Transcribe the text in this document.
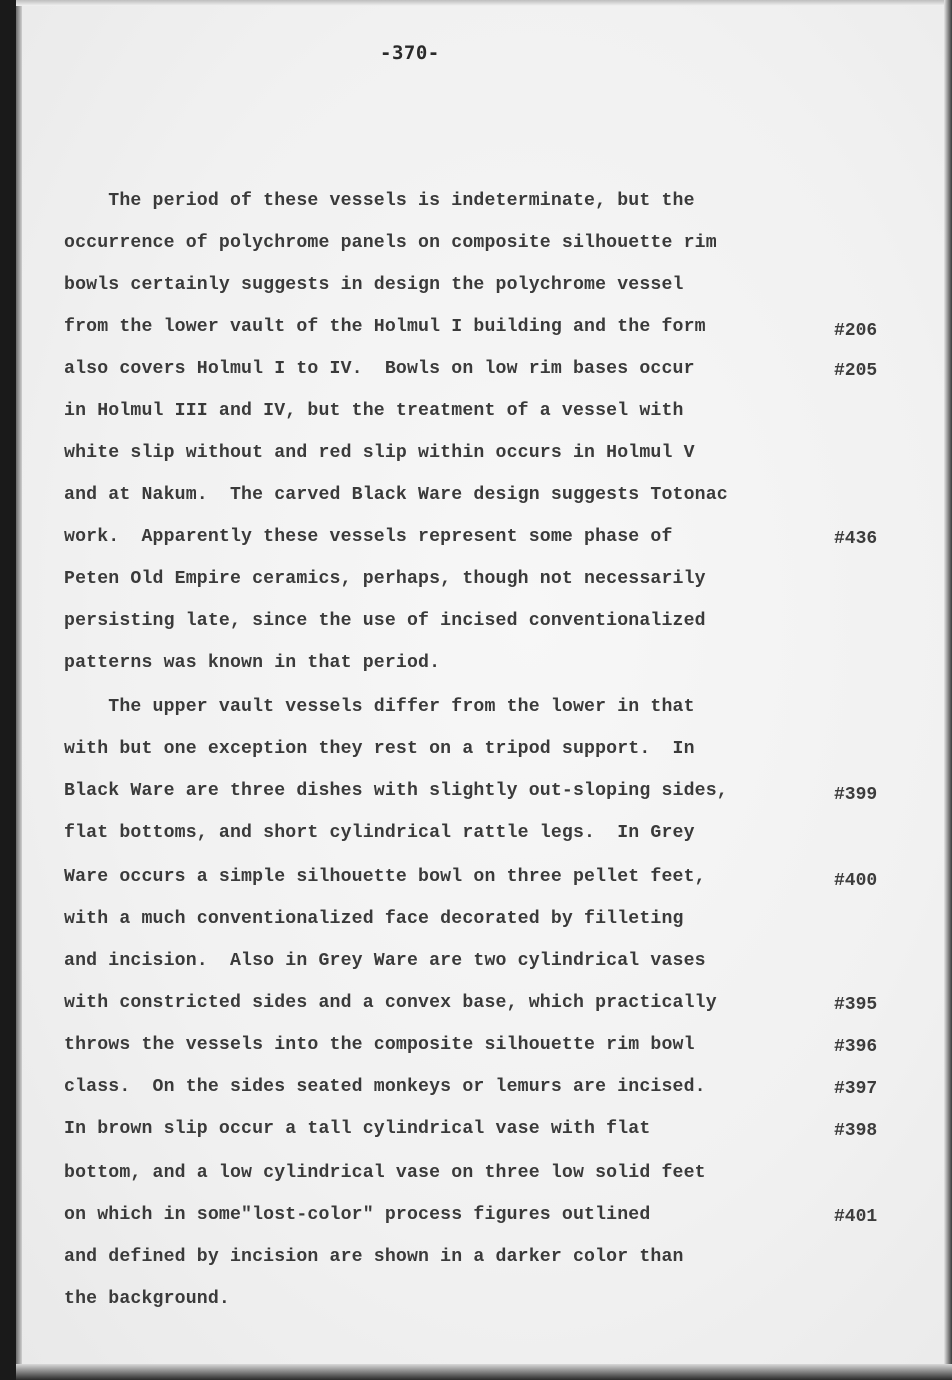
-370-
The period of these vessels is indeterminate, but the
occurrence of polychrome panels on composite silhouette rim
bowls certainly suggests in design the polychrome vessel
from the lower vault of the Holmul I building and the form
also covers Holmul I to IV.  Bowls on low rim bases occur
in Holmul III and IV, but the treatment of a vessel with
white slip without and red slip within occurs in Holmul V
and at Nakum.  The carved Black Ware design suggests Totonac
work.  Apparently these vessels represent some phase of
Peten Old Empire ceramics, perhaps, though not necessarily
persisting late, since the use of incised conventionalized
patterns was known in that period.
The upper vault vessels differ from the lower in that
with but one exception they rest on a tripod support.  In
Black Ware are three dishes with slightly out-sloping sides,
flat bottoms, and short cylindrical rattle legs.  In Grey
Ware occurs a simple silhouette bowl on three pellet feet,
with a much conventionalized face decorated by filleting
and incision.  Also in Grey Ware are two cylindrical vases
with constricted sides and a convex base, which practically
throws the vessels into the composite silhouette rim bowl
class.  On the sides seated monkeys or lemurs are incised.
In brown slip occur a tall cylindrical vase with flat
bottom, and a low cylindrical vase on three low solid feet
on which in some"lost-color" process figures outlined
and defined by incision are shown in a darker color than
the background.
#206
#205
#436
#399
#400
#395
#396
#397
#398
#401
